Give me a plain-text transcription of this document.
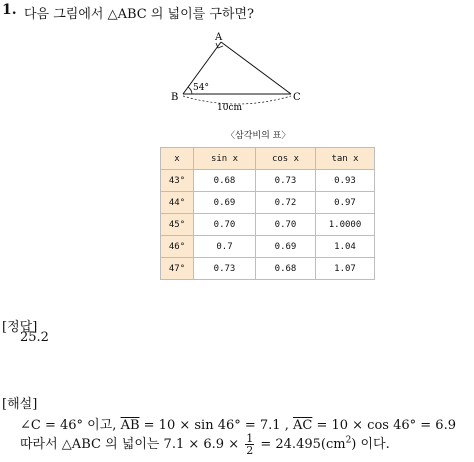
1. 다음 그림에서 △ABC 의 넓이를 구하면?
A
B	C
54°
10cm
〈삼각비의 표〉
x	sin x	cos x	tan x
43°	0.68	0.73	0.93
44°	0.69	0.72	0.97
45°	0.70	0.70	1.0000
46°	0.7	0.69	1.04
47°	0.73	0.68	1.07
[정답]
25.2
[해설]
∠C = 46° 이고, $\overline{AB} = 10 \times \sin 46^\circ = 7.1$ , $\overline{AC} = 10 \times \cos 46^\circ = 6.9$
따라서 △ABC 의 넓이는 $7.1 \times 6.9 \times \frac{1}{2} = 24.495(cm^2)$ 이다.
